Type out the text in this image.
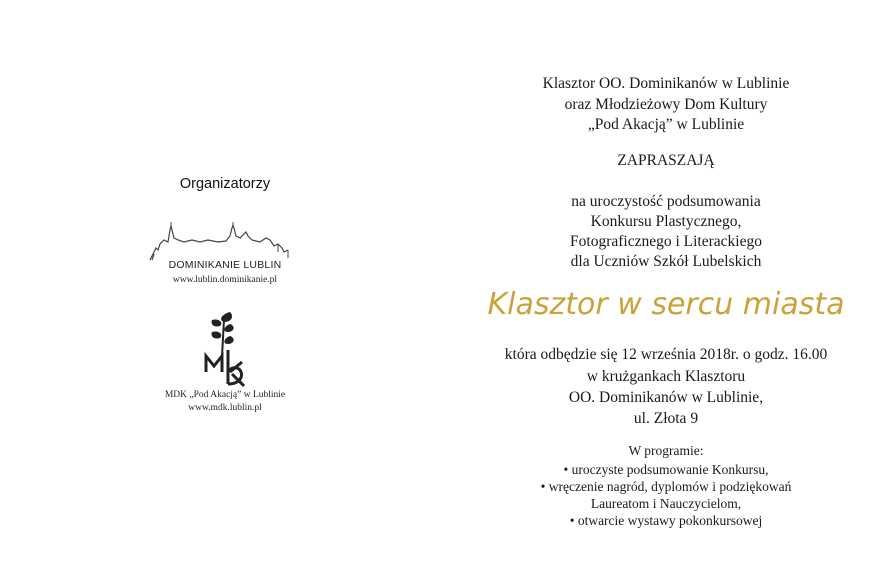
Organizatorzy
DOMINIKANIE LUBLIN
www.lublin.dominikanie.pl
MDK „Pod Akacją” w Lublinie
www.mdk.lublin.pl
Klasztor OO. Dominikanów w Lublinie
oraz Młodzieżowy Dom Kultury
„Pod Akacją” w Lublinie
ZAPRASZAJĄ
na uroczystość podsumowania
Konkursu Plastycznego,
Fotograficznego i Literackiego
dla Uczniów Szkół Lubelskich
Klasztor w sercu miasta
która odbędzie się 12 września 2018r. o godz. 16.00
w krużgankach Klasztoru
OO. Dominikanów w Lublinie,
ul. Złota 9
W programie:
• uroczyste podsumowanie Konkursu,
• wręczenie nagród, dyplomów i podziękowań
Laureatom i Nauczycielom,
• otwarcie wystawy pokonkursowej
